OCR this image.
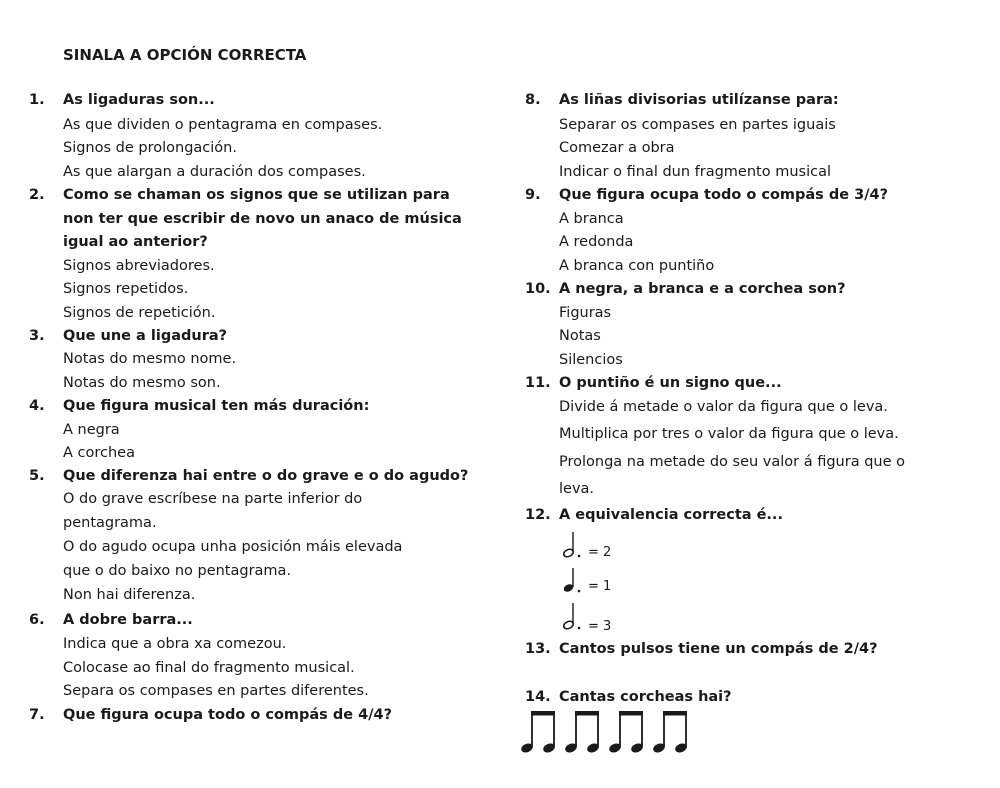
SINALA A OPCIÓN CORRECTA
1. As ligaduras son...
As que dividen o pentagrama en compases.
Signos de prolongación.
As que alargan a duración dos compases.
2. Como se chaman os signos que se utilizan para
non ter que escribir de novo un anaco de música
igual ao anterior?
Signos abreviadores.
Signos repetidos.
Signos de repetición.
3. Que une a ligadura?
Notas do mesmo nome.
Notas do mesmo son.
4. Que figura musical ten más duración:
A negra
A corchea
5. Que diferenza hai entre o do grave e o do agudo?
O do grave escríbese na parte inferior do
pentagrama.
O do agudo ocupa unha posición máis elevada
que o do baixo no pentagrama.
Non hai diferenza.
6. A dobre barra...
Indica que a obra xa comezou.
Colocase ao final do fragmento musical.
Separa os compases en partes diferentes.
7. Que figura ocupa todo o compás de 4/4?
8. As liñas divisorias utilízanse para:
Separar os compases en partes iguais
Comezar a obra
Indicar o final dun fragmento musical
9. Que figura ocupa todo o compás de 3/4?
A branca
A redonda
A branca con puntiño
10. A negra, a branca e a corchea son?
Figuras
Notas
Silencios
11. O puntiño é un signo que...
Divide á metade o valor da figura que o leva.
Multiplica por tres o valor da figura que o leva.
Prolonga na metade do seu valor á figura que o
leva.
12. A equivalencia correcta é...
= 2
= 1
= 3
13. Cantos pulsos tiene un compás de 2/4?
14. Cantas corcheas hai?
